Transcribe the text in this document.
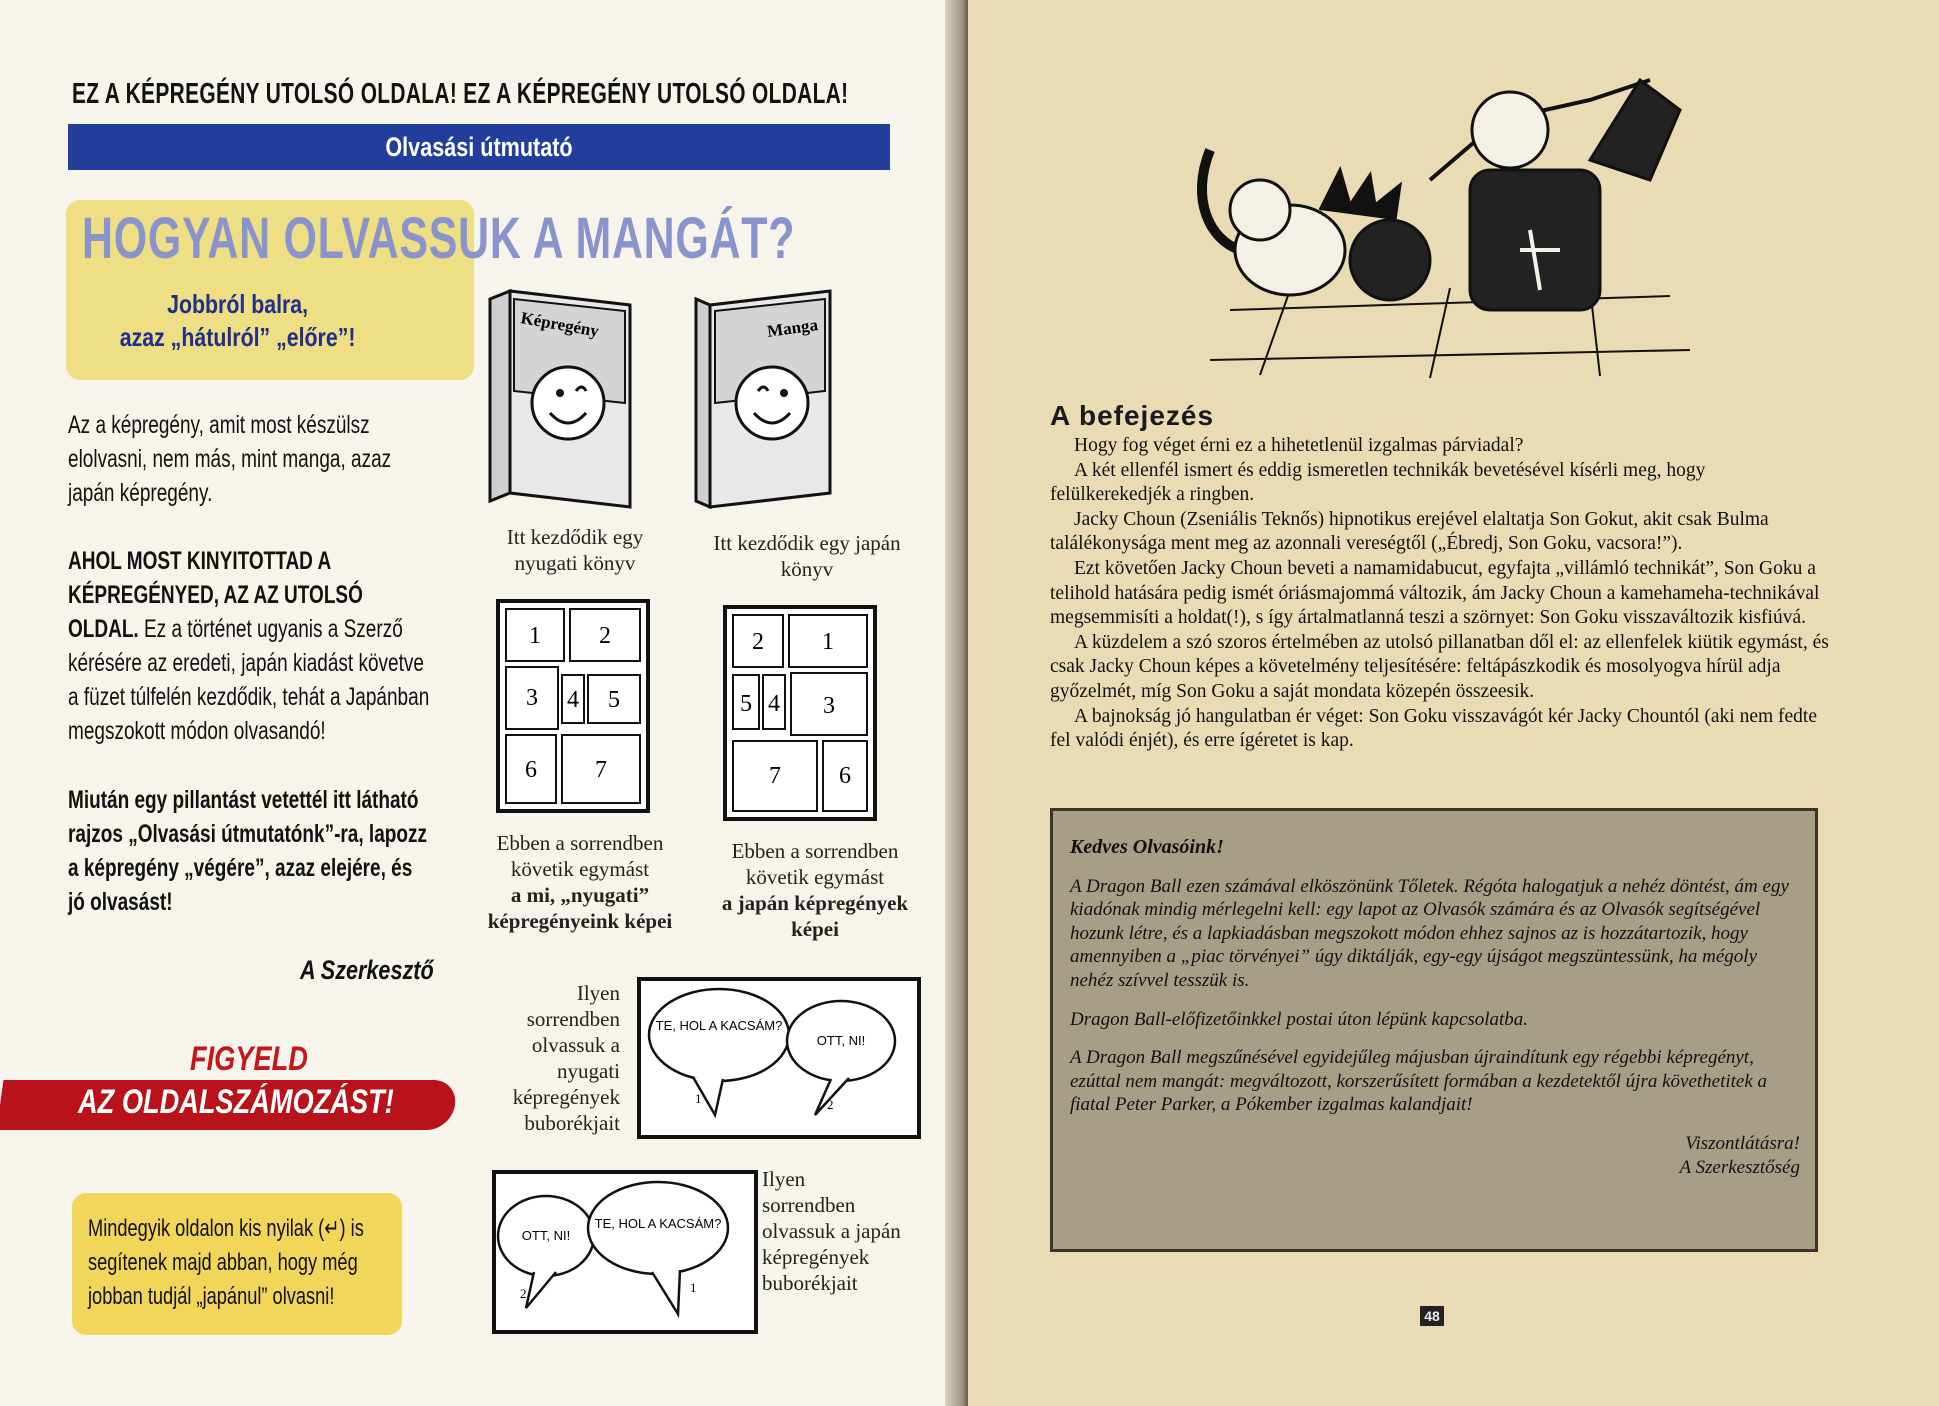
EZ A KÉPREGÉNY UTOLSÓ OLDALA! EZ A KÉPREGÉNY UTOLSÓ OLDALA!
Olvasási útmutató
HOGYAN OLVASSUK A MANGÁT?
Jobbról balra,
azaz „hátulról” „előre”!
Az a képregény, amit most készülsz elolvasni, nem más, mint manga, azaz japán képregény.
AHOL MOST KINYITOTTAD A KÉPREGÉNYED, AZ AZ UTOLSÓ OLDAL. Ez a történet ugyanis a Szerző kérésére az eredeti, japán kiadást követve a füzet túlfelén kezdődik, tehát a Japánban megszokott módon olvasandó!
Miután egy pillantást vetettél itt látható rajzos „Olvasási útmutatónk”-ra, lapozz a képregény „végére”, azaz elejére, és jó olvasást!
A Szerkesztő
FIGYELD
AZ OLDALSZÁMOZÁST!
Mindegyik oldalon kis nyilak (↵) is segítenek majd abban, hogy még jobban tudjál „japánul” olvasni!
Képregény	Manga
Itt kezdődik egy nyugati könyv
Itt kezdődik egy japán könyv
1 2
3 4 5
6 7
2 1
5 4 3
7 6
Ebben a sorrendben követik egymást
a mi, „nyugati” képregényeink képei
Ebben a sorrendben követik egymást
a japán képregények képei
Ilyen sorrendben olvassuk a nyugati képregények buborékjait
Ilyen sorrendben olvassuk a japán képregények buborékjait
TE, HOL A KACSÁM?
OTT, NI!
1	2
OTT, NI!
TE, HOL A KACSÁM?
2	1
A befejezés

Hogy fog véget érni ez a hihetetlenül izgalmas párviadal?

A két ellenfél ismert és eddig ismeretlen technikák bevetésével kísérli meg, hogy felülkerekedjék a ringben.

Jacky Choun (Zseniális Teknős) hipnotikus erejével elaltatja Son Gokut, akit csak Bulma találékonysága ment meg az azonnali vereségtől („Ébredj, Son Goku, vacsora!”).

Ezt követően Jacky Choun beveti a namamidabucut, egyfajta „villámló technikát”, Son Goku a telihold hatására pedig ismét óriásmajommá változik, ám Jacky Choun a kamehameha-technikával megsemmisíti a holdat(!), s így ártalmatlanná teszi a szörnyet: Son Goku visszaváltozik kisfiúvá.

A küzdelem a szó szoros értelmében az utolsó pillanatban dől el: az ellenfelek kiütik egymást, és csak Jacky Choun képes a követelmény teljesítésére: feltápászkodik és mosolyogva hírül adja győzelmét, míg Son Goku a saját mondata közepén összeesik.

A bajnokság jó hangulatban ér véget: Son Goku visszavágót kér Jacky Chountól (aki nem fedte fel valódi énjét), és erre ígéretet is kap.

Kedves Olvasóink!

A Dragon Ball ezen számával elköszönünk Tőletek. Régóta halogatjuk a nehéz döntést, ám egy kiadónak mindig mérlegelni kell: egy lapot az Olvasók számára és az Olvasók segítségével hozunk létre, és a lapkiadásban megszokott módon ehhez sajnos az is hozzátartozik, hogy amennyiben a „piac törvényei” úgy diktálják, egy-egy újságot megszüntessünk, ha mégoly nehéz szívvel tesszük is.

Dragon Ball-előfizetőinkkel postai úton lépünk kapcsolatba.

A Dragon Ball megszűnésével egyidejűleg májusban újraindítunk egy régebbi képregényt, ezúttal nem mangát: megváltozott, korszerűsített formában a kezdetektől újra követhetitek a fiatal Peter Parker, a Pókember izgalmas kalandjait!

Viszontlátásra!
A Szerkesztőség
48
